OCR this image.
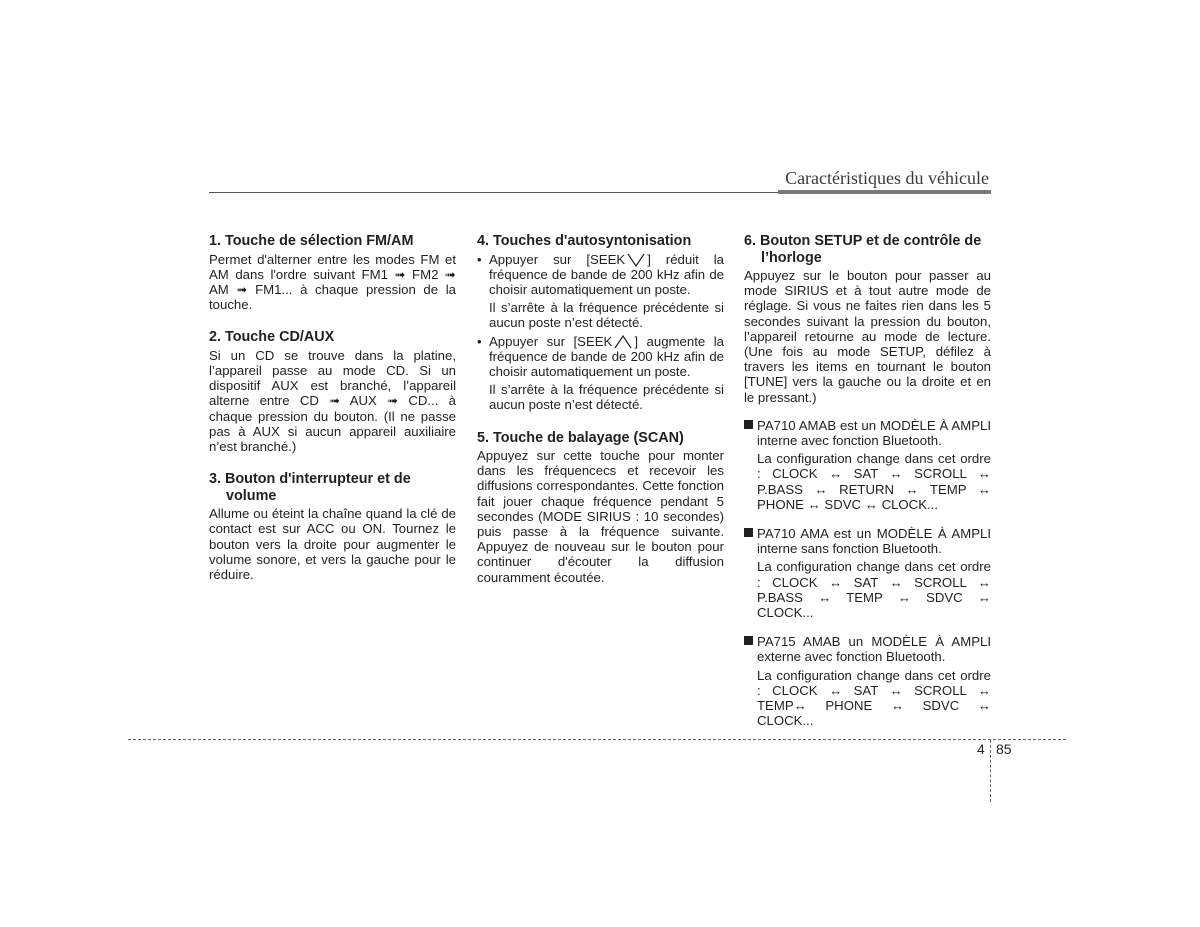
Caractéristiques du véhicule
1. Touche de sélection FM/AM

Permet d'alterner entre les modes FM et AM dans l'ordre suivant FM1 ➟ FM2 ➟ AM ➟ FM1... à chaque pression de la touche.

2. Touche CD/AUX

Si un CD se trouve dans la platine, l’appareil passe au mode CD. Si un dispositif AUX est branché, l’appareil alterne entre CD ➟ AUX ➟ CD... à chaque pression du bouton. (Il ne passe pas à AUX si aucun appareil auxiliaire n’est branché.)

3. Bouton d'interrupteur et de volume

Allume ou éteint la chaîne quand la clé de contact est sur ACC ou ON. Tournez le bouton vers la droite pour augmenter le volume sonore, et vers la gauche pour le réduire.

4. Touches d'autosyntonisation
• Appuyer sur [SEEK ] réduit la fréquence de bande de 200 kHz afin de choisir automatiquement un poste.

Il s’arrête à la fréquence précédente si aucun poste n’est détecté.

• Appuyer sur [SEEK ] augmente la fréquence de bande de 200 kHz afin de choisir automatiquement un poste.

Il s’arrête à la fréquence précédente si aucun poste n’est détecté.

5. Touche de balayage (SCAN)

Appuyez sur cette touche pour monter dans les fréquencecs et recevoir les diffusions correspondantes. Cette fonction fait jouer chaque fréquence pendant 5 secondes (MODE SIRIUS : 10 secondes) puis passe à la fréquence suivante. Appuyez de nouveau sur le bouton pour continuer d'écouter la diffusion couramment écoutée.

6. Bouton SETUP et de contrôle de l’horloge

Appuyez sur le bouton pour passer au mode SIRIUS et à tout autre mode de réglage. Si vous ne faites rien dans les 5 secondes suivant la pression du bouton, l’appareil retourne au mode de lecture. (Une fois au mode SETUP, défilez à travers les items en tournant le bouton [TUNE] vers la gauche ou la droite et en le pressant.)

PA710 AMAB est un MODÈLE À AMPLI interne avec fonction Bluetooth.

La configuration change dans cet ordre : CLOCK ↔ SAT ↔ SCROLL ↔ P.BASS ↔ RETURN ↔ TEMP ↔ PHONE ↔ SDVC ↔ CLOCK...

PA710 AMA est un MODÈLE À AMPLI interne sans fonction Bluetooth.

La configuration change dans cet ordre : CLOCK ↔ SAT ↔ SCROLL ↔ P.BASS ↔ TEMP ↔ SDVC ↔ CLOCK...

PA715 AMAB un MODÈLE À AMPLI externe avec fonction Bluetooth.

La configuration change dans cet ordre : CLOCK ↔ SAT ↔ SCROLL ↔ TEMP↔ PHONE ↔ SDVC ↔ CLOCK...

4 85
